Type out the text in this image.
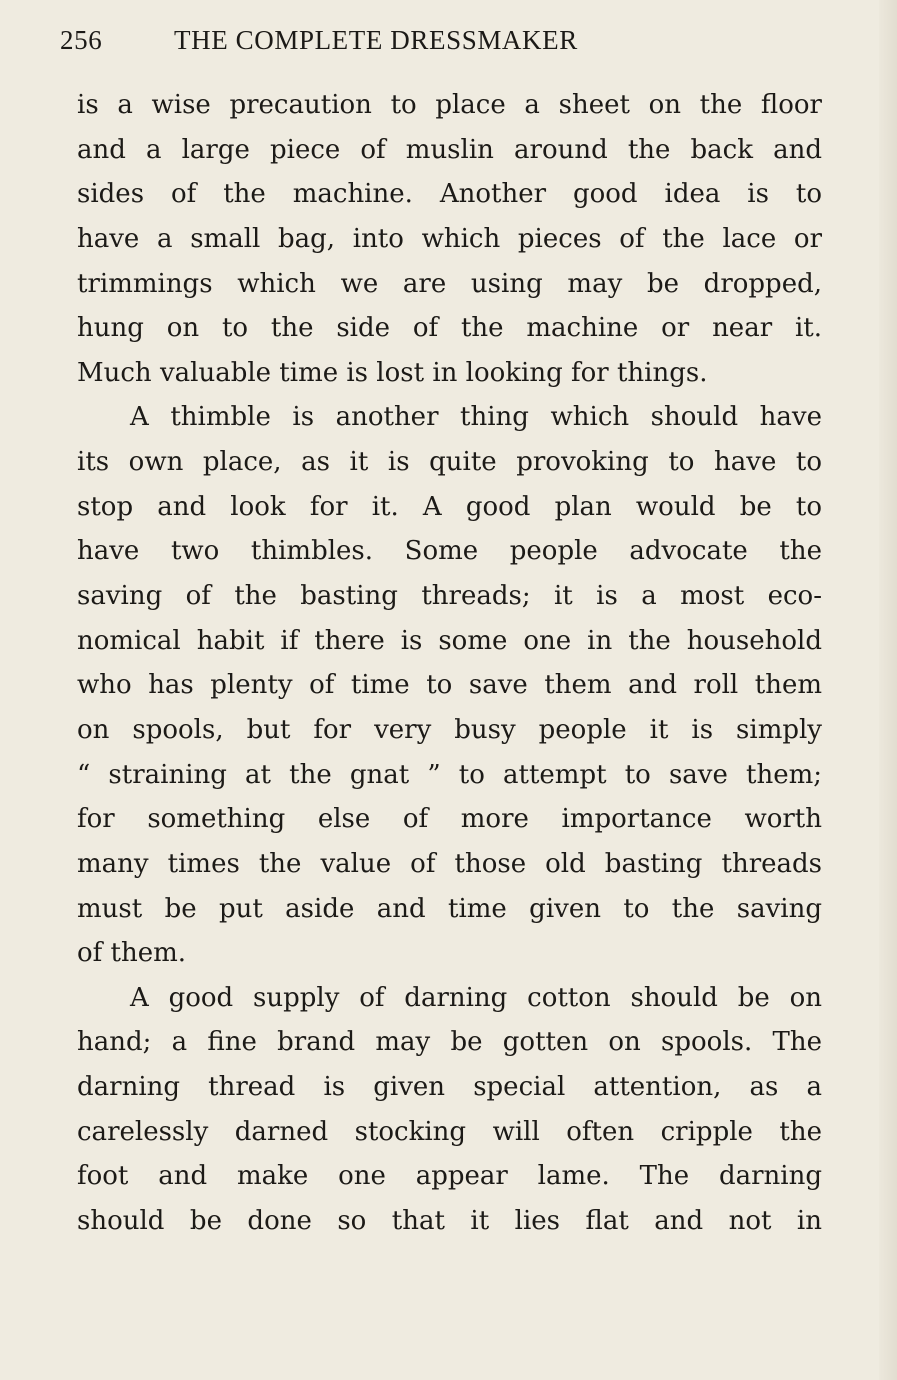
256	THE COMPLETE DRESSMAKER
is a wise precaution to place a sheet on the floor
and a large piece of muslin around the back and
sides of the machine. Another good idea is to
have a small bag, into which pieces of the lace or
trimmings which we are using may be dropped,
hung on to the side of the machine or near it.
Much valuable time is lost in looking for things.
A thimble is another thing which should have
its own place, as it is quite provoking to have to
stop and look for it. A good plan would be to
have two thimbles. Some people advocate the
saving of the basting threads; it is a most eco-
nomical habit if there is some one in the household
who has plenty of time to save them and roll them
on spools, but for very busy people it is simply
“ straining at the gnat ” to attempt to save them;
for something else of more importance worth
many times the value of those old basting threads
must be put aside and time given to the saving
of them.
A good supply of darning cotton should be on
hand; a fine brand may be gotten on spools. The
darning thread is given special attention, as a
carelessly darned stocking will often cripple the
foot and make one appear lame. The darning
should be done so that it lies flat and not in
